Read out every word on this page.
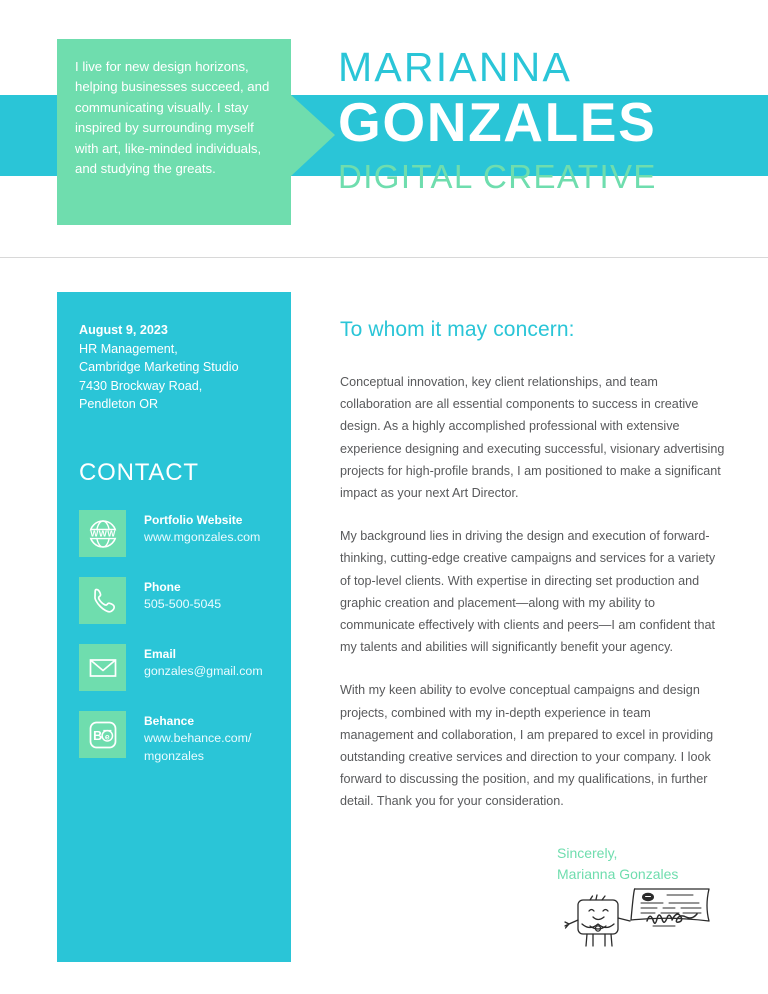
I live for new design horizons, helping businesses succeed, and communicating visually. I stay inspired by surrounding myself with art, like-minded individuals, and studying the greats.
MARIANNA
GONZALES
DIGITAL CREATIVE
August 9, 2023
HR Management,
Cambridge Marketing Studio
7430 Brockway Road,
Pendleton OR
CONTACT
WWW
Portfolio Website
www.mgonzales.com
Phone
505-500-5045
Email
gonzales@gmail.com
B e
Behance
www.behance.com/ mgonzales
To whom it may concern:

Conceptual innovation, key client relationships, and team collaboration are all essential components to success in creative design. As a highly accomplished professional with extensive experience designing and executing successful, visionary advertising projects for high-profile brands, I am positioned to make a significant impact as your next Art Director.

My background lies in driving the design and execution of forward-thinking, cutting-edge creative campaigns and services for a variety of top-level clients. With expertise in directing set production and graphic creation and placement—along with my ability to communicate effectively with clients and peers—I am confident that my talents and abilities will significantly benefit your agency.

With my keen ability to evolve conceptual campaigns and design projects, combined with my in-depth experience in team management and collaboration, I am prepared to excel in providing outstanding creative services and direction to your company. I look forward to discussing the position, and my qualifications, in further detail. Thank you for your consideration.

Sincerely,
Marianna Gonzales
